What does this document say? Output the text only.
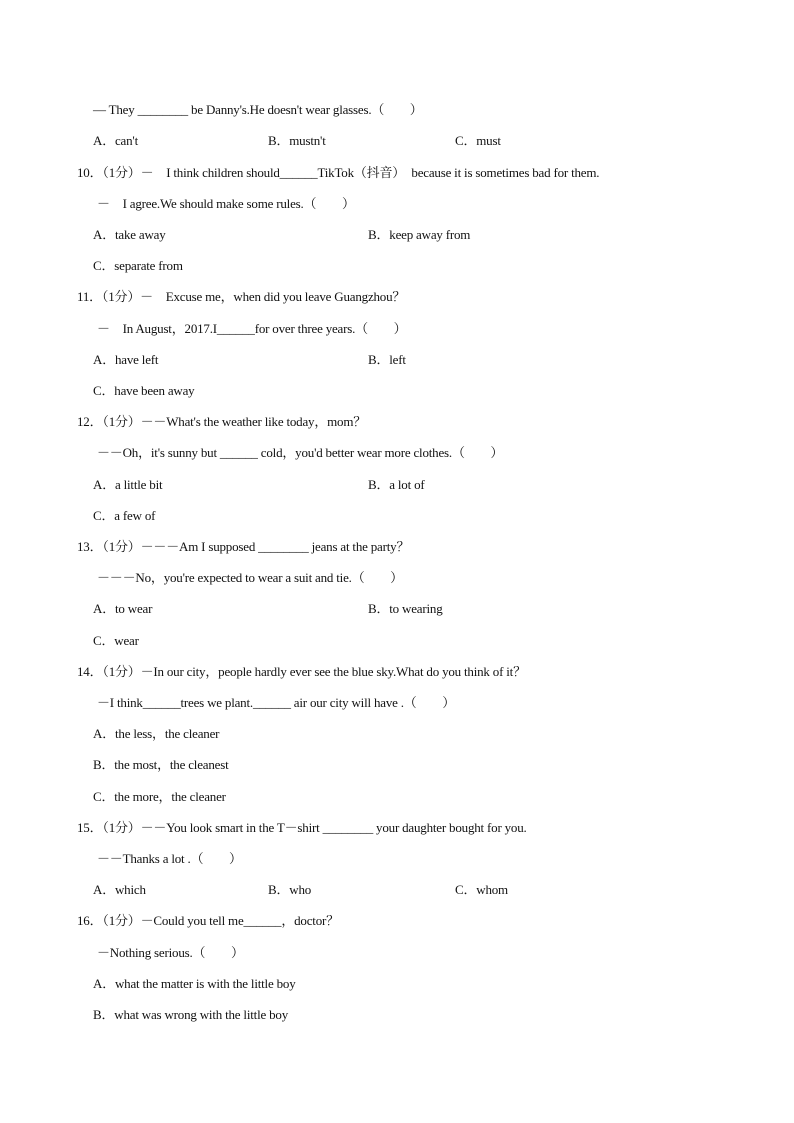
— They ________ be Danny's.He doesn't wear glasses.（　　）
A．can't	B．mustn't	C．must
10．（1分）－　I think children should______TikTok（抖音）　because it is sometimes bad for them.
－　I agree.We should make some rules.（　　）
A．take away	B．keep away from
C．separate from
11．（1分）－　Excuse me，when did you leave Guangzhou？
－　In August，2017.I______for over three years.（　　）
A．have left	B．left
C．have been away
12．（1分）－－What's the weather like today，mom？
－－Oh，it's sunny but ______ cold，you'd better wear more clothes.（　　）
A．a little bit	B．a lot of
C．a few of
13．（1分）－－－Am I supposed ________ jeans at the party？
－－－No，you're expected to wear a suit and tie.（　　）
A．to wear	B．to wearing
C．wear
14．（1分）－In our city，people hardly ever see the blue sky.What do you think of it？
－I think______trees we plant.______ air our city will have .（　　）
A．the less，the cleaner
B．the most，the cleanest
C．the more，the cleaner
15．（1分）－－You look smart in the T－shirt ________ your daughter bought for you.
－－Thanks a lot .（　　）
A．which	B．who	C．whom
16．（1分）－Could you tell me______，doctor？
－Nothing serious.（　　）
A．what the matter is with the little boy
B．what was wrong with the little boy
